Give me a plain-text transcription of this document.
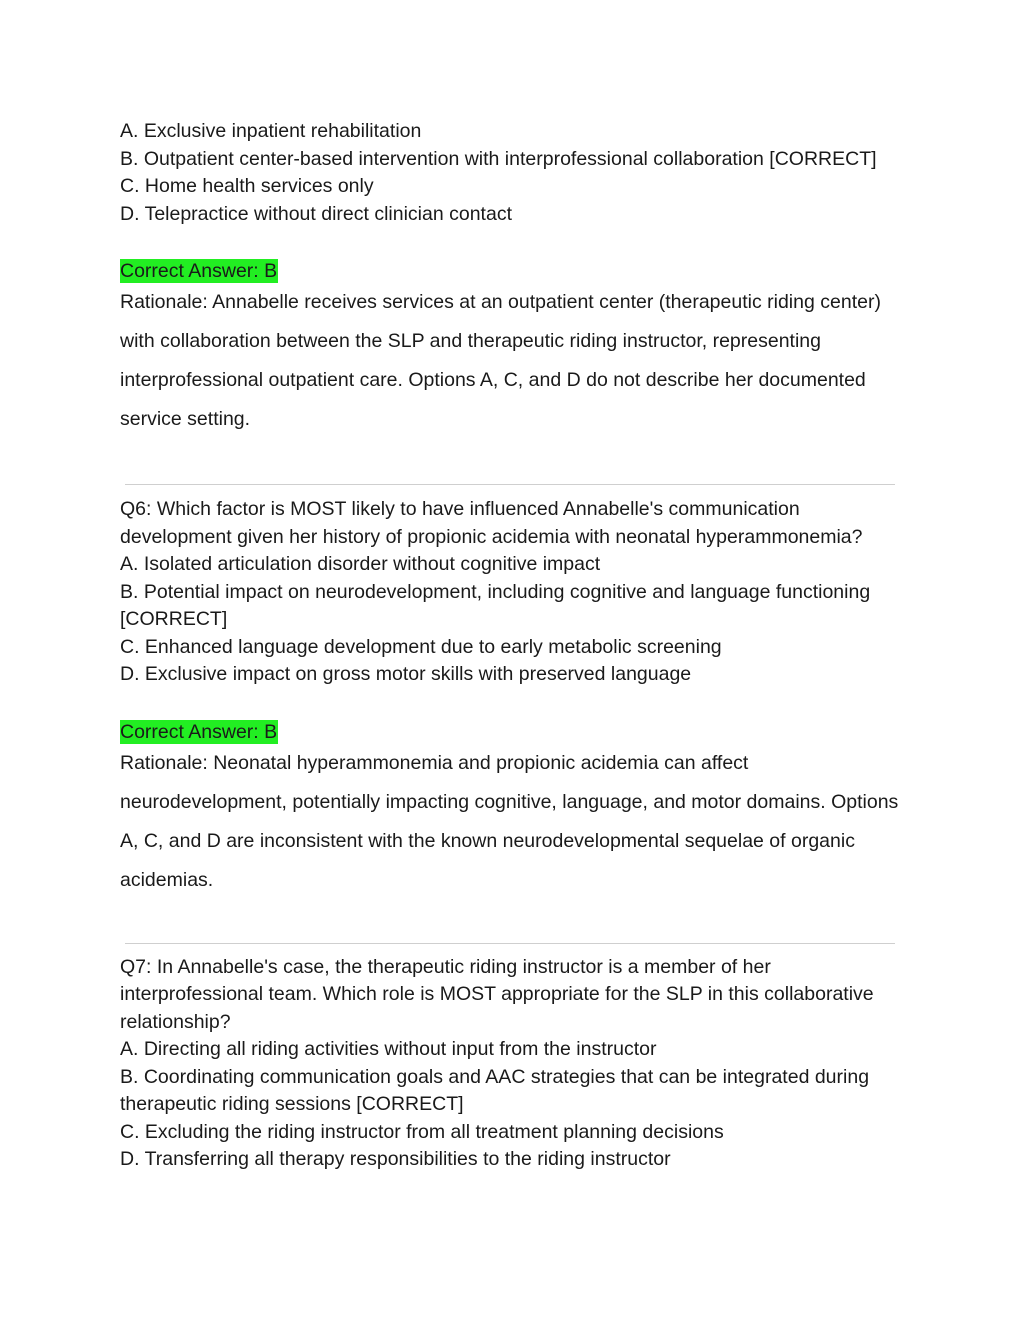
A. Exclusive inpatient rehabilitation
B. Outpatient center-based intervention with interprofessional collaboration [CORRECT]
C. Home health services only
D. Telepractice without direct clinician contact
Correct Answer: B
Rationale: Annabelle receives services at an outpatient center (therapeutic riding center) with collaboration between the SLP and therapeutic riding instructor, representing interprofessional outpatient care. Options A, C, and D do not describe her documented service setting.
Q6: Which factor is MOST likely to have influenced Annabelle's communication development given her history of propionic acidemia with neonatal hyperammonemia?
A. Isolated articulation disorder without cognitive impact
B. Potential impact on neurodevelopment, including cognitive and language functioning [CORRECT]
C. Enhanced language development due to early metabolic screening
D. Exclusive impact on gross motor skills with preserved language
Correct Answer: B
Rationale: Neonatal hyperammonemia and propionic acidemia can affect neurodevelopment, potentially impacting cognitive, language, and motor domains. Options A, C, and D are inconsistent with the known neurodevelopmental sequelae of organic acidemias.
Q7: In Annabelle's case, the therapeutic riding instructor is a member of her interprofessional team. Which role is MOST appropriate for the SLP in this collaborative relationship?
A. Directing all riding activities without input from the instructor
B. Coordinating communication goals and AAC strategies that can be integrated during therapeutic riding sessions [CORRECT]
C. Excluding the riding instructor from all treatment planning decisions
D. Transferring all therapy responsibilities to the riding instructor
